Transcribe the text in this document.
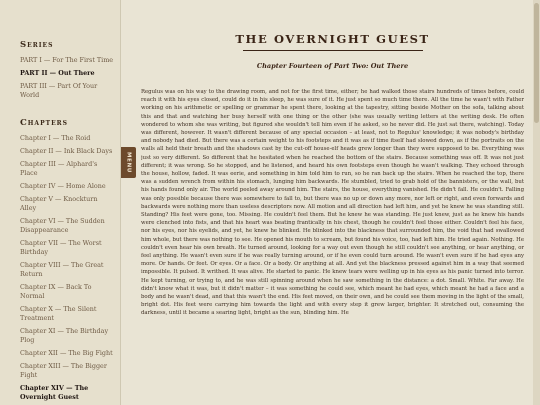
Series
PART I — For The First Time
PART II — Out There
PART III — Part Of Your World
Chapters
Chapter I — The Roid
Chapter II — Ink Black Days
Chapter III — Alphard's Place
Chapter IV — Home Alone
Chapter V — Knockturn Alley
Chapter VI — The Sudden Disappearance
Chapter VII — The Worst Birthday
Chapter VIII — The Great Return
Chapter IX — Back To Normal
Chapter X — The Silent Treatment
Chapter XI — The Birthday Plog
Chapter XII — The Big Fight
Chapter XIII — The Bigger Fight
Chapter XIV — The Overnight Guest
MENU
THE OVERNIGHT GUEST
Chapter Fourteen of Part Two: Out There

Regulus was on his way to the drawing room, and not for the first time, either; he had walked those stairs hundreds of times before, could reach it with his eyes closed, could do it in his sleep, he was sure of it. He just spent so much time there. All the time he wasn't with Father working on his arithmetic or spelling or grammar he spent there, looking at the tapestry, sitting beside Mother on the sofa, talking about this and that and watching her busy herself with one thing or the other (she was usually writing letters at the writing desk. He often wondered to whom she was writing, but figured she wouldn't tell him even if he asked, so he never did. He just sat there, watching). Today was different, however. It wasn't different because of any special occasion – at least, not to Regulus' knowledge; it was nobody's birthday and nobody had died. But there was a certain weight to his footsteps and it was as if time itself had slowed down, as if the portraits on the walls all held their breath and the shadows cast by the cut-off house-elf heads grew longer than they were supposed to be. Everything was just so very different. So different that he hesitated when he reached the bottom of the stairs. Because something was off. It was not just different; it was wrong. So he stopped, and he listened, and heard his own footsteps even though he wasn't walking. They echoed through the house, hollow, faded. It was eerie, and something in him told him to run, so he ran back up the stairs. When he reached the top, there was a sudden wrench from within his stomach, lunging him backwards. He stumbled, tried to grab hold of the bannisters, or the wall, but his hands found only air. The world peeled away around him. The stairs, the house, everything vanished. He didn't fall. He couldn't. Falling was only possible because there was somewhere to fall to, but there was no up or down any more, nor left or right, and even forwards and backwards were nothing more than useless descriptors now. All motion and all direction had left him, and yet he knew he was standing still. Standing? His feet were gone, too. Missing. He couldn't feel them. But he knew he was standing. He just knew, just as he knew his hands were clenched into fists, and that his heart was beating frantically in his chest, though he couldn't feel those either. Couldn't feel his face, nor his eyes, nor his eyelids, and yet, he knew he blinked. He blinked into the blackness that surrounded him, the void that had swallowed him whole, but there was nothing to see. He opened his mouth to scream, but found his voice, too, had left him. He tried again. Nothing. He couldn't even hear his own breath. He turned around, looking for a way out even though he still couldn't see anything, or hear anything, or feel anything. He wasn't even sure if he was really turning around, or if he even could turn around. He wasn't even sure if he had eyes any more. Or hands. Or feet. Or eyes. Or a face. Or a body. Or anything at all. And yet the blackness pressed against him in a way that seemed impossible. It pulsed. It writhed. It was alive. He started to panic. He knew tears were welling up in his eyes as his panic turned into terror. He kept turning, or trying to, and he was still spinning around when he saw something in the distance: a dot. Small. White. Far away. He didn't know what it was, but it didn't matter – it was something he could see, which meant he had eyes, which meant he had a face and a body and he wasn't dead, and that this wasn't the end. His feet moved, on their own, and he could see them moving in the light of the small, bright dot. His feet were carrying him towards the light and with every step it grew larger, brighter. It stretched out, consuming the darkness, until it became a searing light, bright as the sun, blinding him. He
